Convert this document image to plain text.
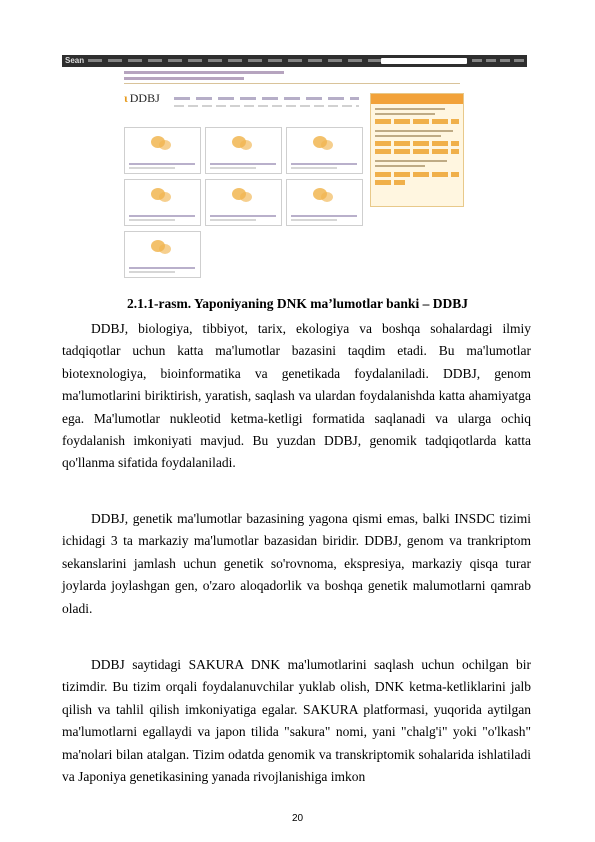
Sean
ɩ DDBJ
2.1.1-rasm. Yaponiyaning DNK ma’lumotlar banki – DDBJ

DDBJ, biologiya, tibbiyot, tarix, ekologiya va boshqa sohalardagi ilmiy tadqiqotlar uchun katta ma'lumotlar bazasini taqdim etadi. Bu ma'lumotlar biotexnologiya, bioinformatika va genetikada foydalaniladi. DDBJ, genom ma'lumotlarini biriktirish, yaratish, saqlash va ulardan foydalanishda katta ahamiyatga ega. Ma'lumotlar nukleotid ketma-ketligi formatida saqlanadi va ularga ochiq foydalanish imkoniyati mavjud. Bu yuzdan DDBJ, genomik tadqiqotlarda katta qo'llanma sifatida foydalaniladi.

DDBJ, genetik ma'lumotlar bazasining yagona qismi emas, balki INSDC tizimi ichidagi 3 ta markaziy ma'lumotlar bazasidan biridir. DDBJ, genom va trankriptom sekanslarini jamlash uchun genetik so'rovnoma, ekspresiya, markaziy qisqa turar joylarda joylashgan gen, o'zaro aloqadorlik va boshqa genetik malumotlarni qamrab oladi.

DDBJ saytidagi SAKURA DNK ma'lumotlarini saqlash uchun ochilgan bir tizimdir. Bu tizim orqali foydalanuvchilar yuklab olish, DNK ketma-ketliklarini jalb qilish va tahlil qilish imkoniyatiga egalar. SAKURA platformasi, yuqorida aytilgan ma'lumotlarni egallaydi va japon tilida "sakura" nomi, yani "chalg'i" yoki "o'lkash" ma'nolari bilan atalgan. Tizim odatda genomik va transkriptomik sohalarida ishlatiladi va Japoniya genetikasining yanada rivojlanishiga imkon

20
